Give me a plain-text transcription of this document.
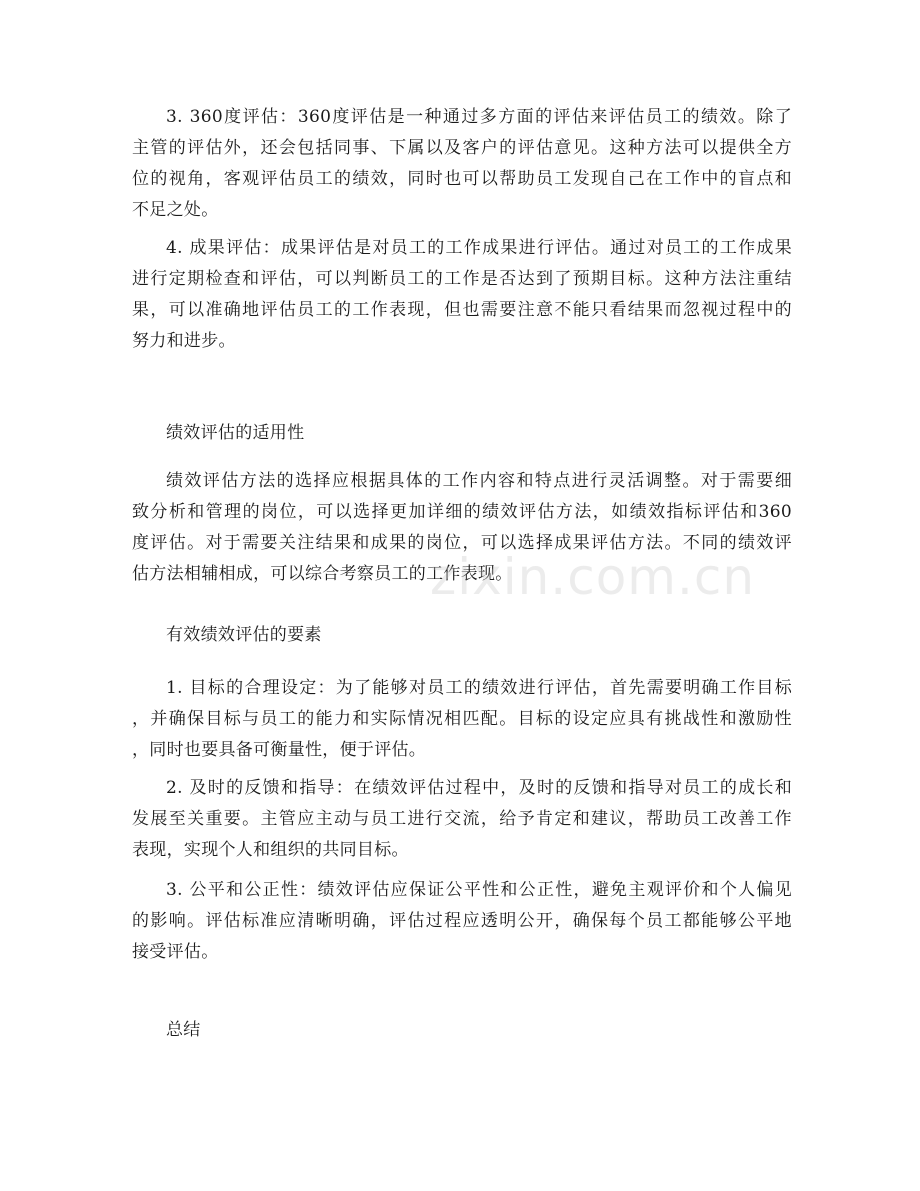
3. 360度评估：360度评估是一种通过多方面的评估来评估员工的绩效。除了
主管的评估外，还会包括同事、下属以及客户的评估意见。这种方法可以提供全方
位的视角，客观评估员工的绩效，同时也可以帮助员工发现自己在工作中的盲点和
不足之处。

4. 成果评估：成果评估是对员工的工作成果进行评估。通过对员工的工作成果
进行定期检查和评估，可以判断员工的工作是否达到了预期目标。这种方法注重结
果，可以准确地评估员工的工作表现，但也需要注意不能只看结果而忽视过程中的
努力和进步。

绩效评估的适用性

绩效评估方法的选择应根据具体的工作内容和特点进行灵活调整。对于需要细
致分析和管理的岗位，可以选择更加详细的绩效评估方法，如绩效指标评估和360
度评估。对于需要关注结果和成果的岗位，可以选择成果评估方法。不同的绩效评
估方法相辅相成，可以综合考察员工的工作表现。

有效绩效评估的要素

1. 目标的合理设定：为了能够对员工的绩效进行评估，首先需要明确工作目标
，并确保目标与员工的能力和实际情况相匹配。目标的设定应具有挑战性和激励性
，同时也要具备可衡量性，便于评估。

2. 及时的反馈和指导：在绩效评估过程中，及时的反馈和指导对员工的成长和
发展至关重要。主管应主动与员工进行交流，给予肯定和建议，帮助员工改善工作
表现，实现个人和组织的共同目标。

3. 公平和公正性：绩效评估应保证公平性和公正性，避免主观评价和个人偏见
的影响。评估标准应清晰明确，评估过程应透明公开，确保每个员工都能够公平地
接受评估。

总结
zixin.com.cn
